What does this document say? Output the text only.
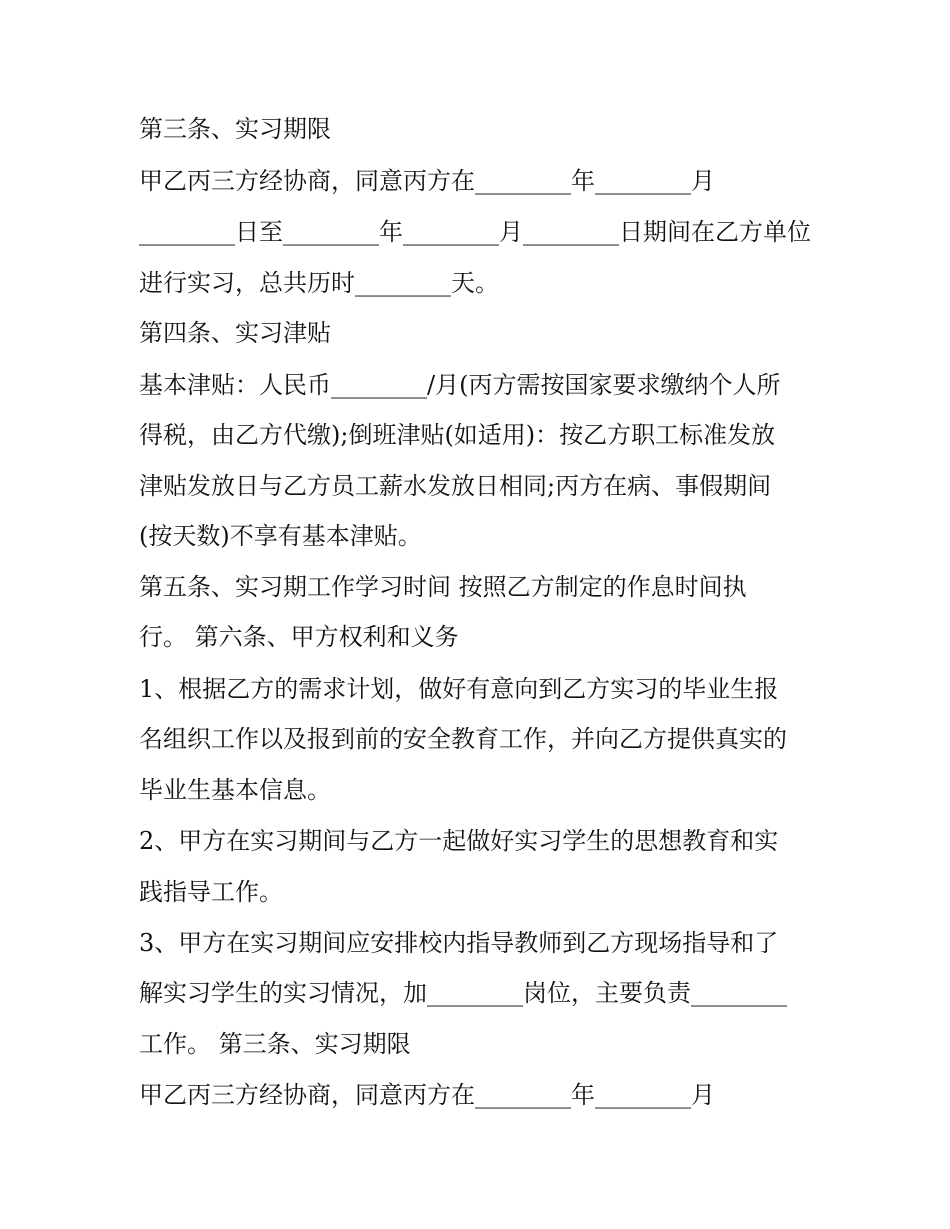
第三条、实习期限

甲乙丙三方经协商，同意丙方在________年________月

________日至________年________月________日期间在乙方单位

进行实习，总共历时________天。

第四条、实习津贴

基本津贴：人民币________/月(丙方需按国家要求缴纳个人所

得税，由乙方代缴);倒班津贴(如适用)：按乙方职工标准发放

津贴发放日与乙方员工薪水发放日相同;丙方在病、事假期间

(按天数)不享有基本津贴。

第五条、实习期工作学习时间 按照乙方制定的作息时间执

行。 第六条、甲方权利和义务

1、根据乙方的需求计划，做好有意向到乙方实习的毕业生报

名组织工作以及报到前的安全教育工作，并向乙方提供真实的

毕业生基本信息。

2、甲方在实习期间与乙方一起做好实习学生的思想教育和实

践指导工作。

3、甲方在实习期间应安排校内指导教师到乙方现场指导和了

解实习学生的实习情况，加________岗位，主要负责________

工作。 第三条、实习期限

甲乙丙三方经协商，同意丙方在________年________月
